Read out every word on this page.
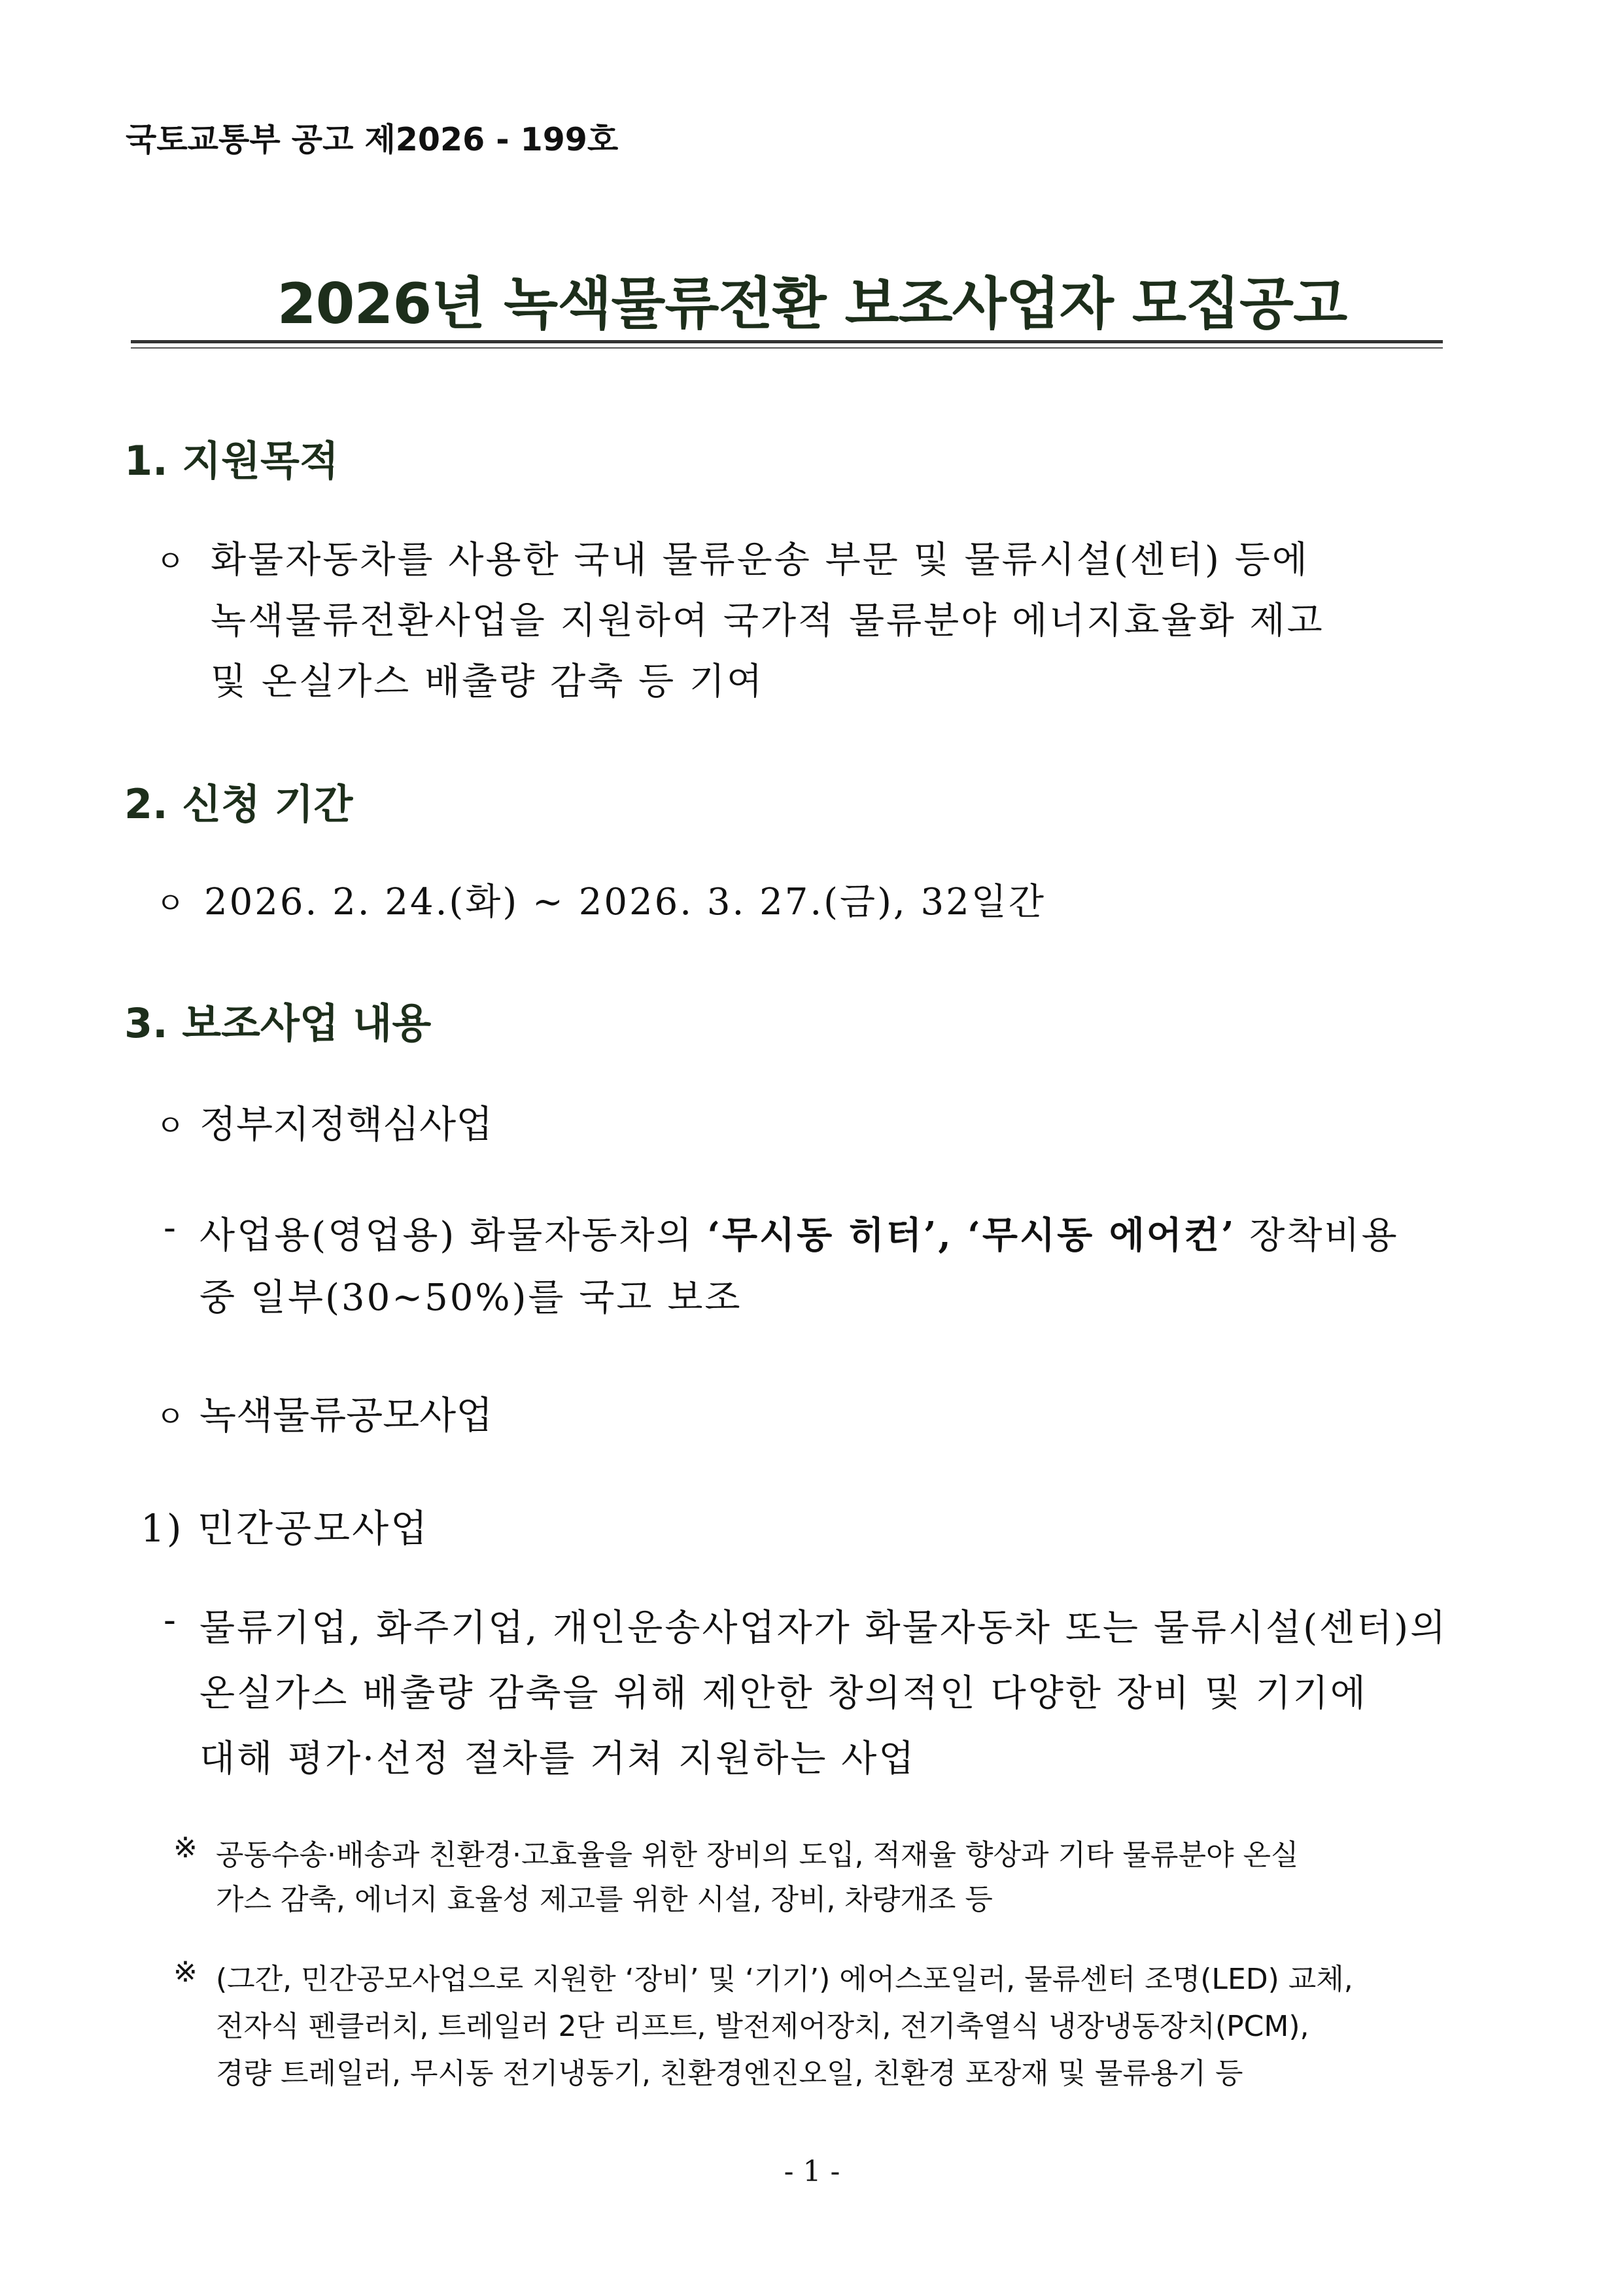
국토교통부 공고 제2026 - 199호
2026년 녹색물류전환 보조사업자 모집공고
1. 지원목적
ㅇ 화물자동차를 사용한 국내 물류운송 부문 및 물류시설(센터) 등에
녹색물류전환사업을 지원하여 국가적 물류분야 에너지효율화 제고
및 온실가스 배출량 감축 등 기여
2. 신청 기간
ㅇ 2026. 2. 24.(화) ~ 2026. 3. 27.(금), 32일간
3. 보조사업 내용
ㅇ 정부지정핵심사업
- 사업용(영업용) 화물자동차의 ‘무시동 히터’, ‘무시동 에어컨’ 장착비용
중 일부(30~50%)를 국고 보조
ㅇ 녹색물류공모사업
1) 민간공모사업
- 물류기업, 화주기업, 개인운송사업자가 화물자동차 또는 물류시설(센터)의
온실가스 배출량 감축을 위해 제안한 창의적인 다양한 장비 및 기기에
대해 평가·선정 절차를 거쳐 지원하는 사업
※ 공동수송·배송과 친환경·고효율을 위한 장비의 도입, 적재율 향상과 기타 물류분야 온실
가스 감축, 에너지 효율성 제고를 위한 시설, 장비, 차량개조 등
※ (그간, 민간공모사업으로 지원한 ‘장비’ 및 ‘기기’) 에어스포일러, 물류센터 조명(LED) 교체,
전자식 펜클러치, 트레일러 2단 리프트, 발전제어장치, 전기축열식 냉장냉동장치(PCM),
경량 트레일러, 무시동 전기냉동기, 친환경엔진오일, 친환경 포장재 및 물류용기 등
- 1 -
